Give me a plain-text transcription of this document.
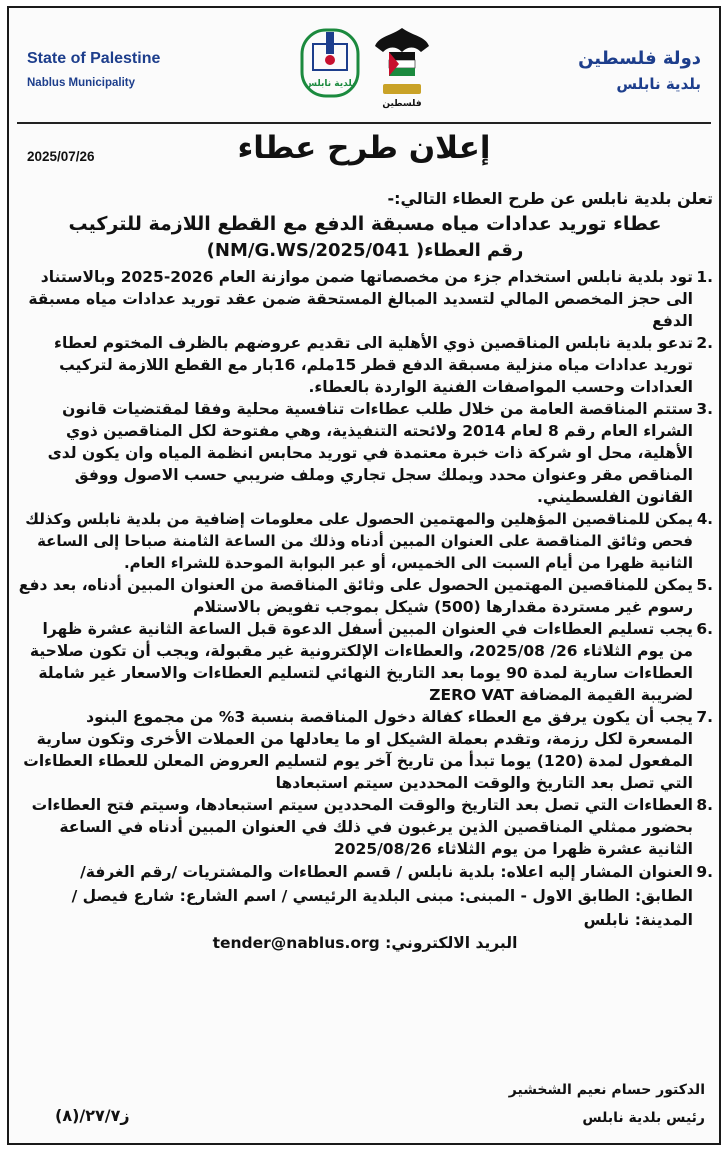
State of Palestine
Nablus Municipality	بلدية نابلس
فلسطين
دولة فلسطين
بلدية نابلس
إعلان طرح عطاء
2025/07/26
تعلن بلدية نابلس عن طرح العطاء التالي:-
عطاء توريد عدادات مياه مسبقة الدفع مع القطع اللازمة للتركيب
رقم العطاء( NM/G.WS/2025/041)
.1
تود بلدية نابلس استخدام جزء من مخصصاتها ضمن موازنة العام 2026-2025 وبالاستناد الى حجز المخصص المالي لتسديد المبالغ المستحقة ضمن عقد توريد عدادات مياه مسبقة الدفع
.2
تدعو بلدية نابلس المناقصين ذوي الأهلية الى تقديم عروضهم بالظرف المختوم لعطاء توريد عدادات مياه منزلية مسبقة الدفع قطر 15ملم، 16بار مع القطع اللازمة لتركيب العدادات وحسب المواصفات الفنية الواردة بالعطاء.
.3
ستتم المناقصة العامة من خلال طلب عطاءات تنافسية محلية وفقا لمقتضيات قانون الشراء العام رقم 8 لعام 2014 ولائحته التنفيذية، وهي مفتوحة لكل المناقصين ذوي الأهلية، محل او شركة ذات خبرة معتمدة في توريد محابس انظمة المياه وان يكون لدى المناقص مقر وعنوان محدد ويملك سجل تجاري وملف ضريبي حسب الاصول ووفق القانون الفلسطيني.
.4
يمكن للمناقصين المؤهلين والمهتمين الحصول على معلومات إضافية من بلدية نابلس وكذلك فحص وثائق المناقصة على العنوان المبين أدناه وذلك من الساعة الثامنة صباحا إلى الساعة الثانية ظهرا من أيام السبت الى الخميس، أو عبر البوابة الموحدة للشراء العام.
.5
يمكن للمناقصين المهتمين الحصول على وثائق المناقصة من العنوان المبين أدناه، بعد دفع رسوم غير مستردة مقدارها (500) شيكل بموجب تفويض بالاستلام
.6
يجب تسليم العطاءات في العنوان المبين أسفل الدعوة قبل الساعة الثانية عشرة ظهرا من يوم الثلاثاء 26/ 2025/08، والعطاءات الإلكترونية غير مقبولة، ويجب أن تكون صلاحية العطاءات سارية لمدة 90 يوما بعد التاريخ النهائي لتسليم العطاءات والاسعار غير شاملة لضريبة القيمة المضافة ZERO VAT
.7
يجب أن يكون يرفق مع العطاء كفالة دخول المناقصة بنسبة 3% من مجموع البنود المسعرة لكل رزمة، وتقدم بعملة الشيكل او ما يعادلها من العملات الأخرى وتكون سارية المفعول لمدة (120) يوما تبدأ من تاريخ آخر يوم لتسليم العروض المعلن للعطاء العطاءات التي تصل بعد التاريخ والوقت المحددين سيتم استبعادها
.8
العطاءات التي تصل بعد التاريخ والوقت المحددين سيتم استبعادها، وسيتم فتح العطاءات بحضور ممثلي المناقصين الذين يرغبون في ذلك في العنوان المبين أدناه في الساعة الثانية عشرة ظهرا من يوم الثلاثاء 2025/08/26
.9
العنوان المشار إليه اعلاه: بلدية نابلس / قسم العطاءات والمشتريات /رقم الغرفة/ الطابق: الطابق الاول - المبنى: مبنى البلدية الرئيسي / اسم الشارع: شارع فيصل / المدينة: نابلس
البريد الالكتروني: tender@nablus.org
الدكتور حسام نعيم الشخشير
رئيس بلدية نابلس
ز٢٧/٧/(٨)
